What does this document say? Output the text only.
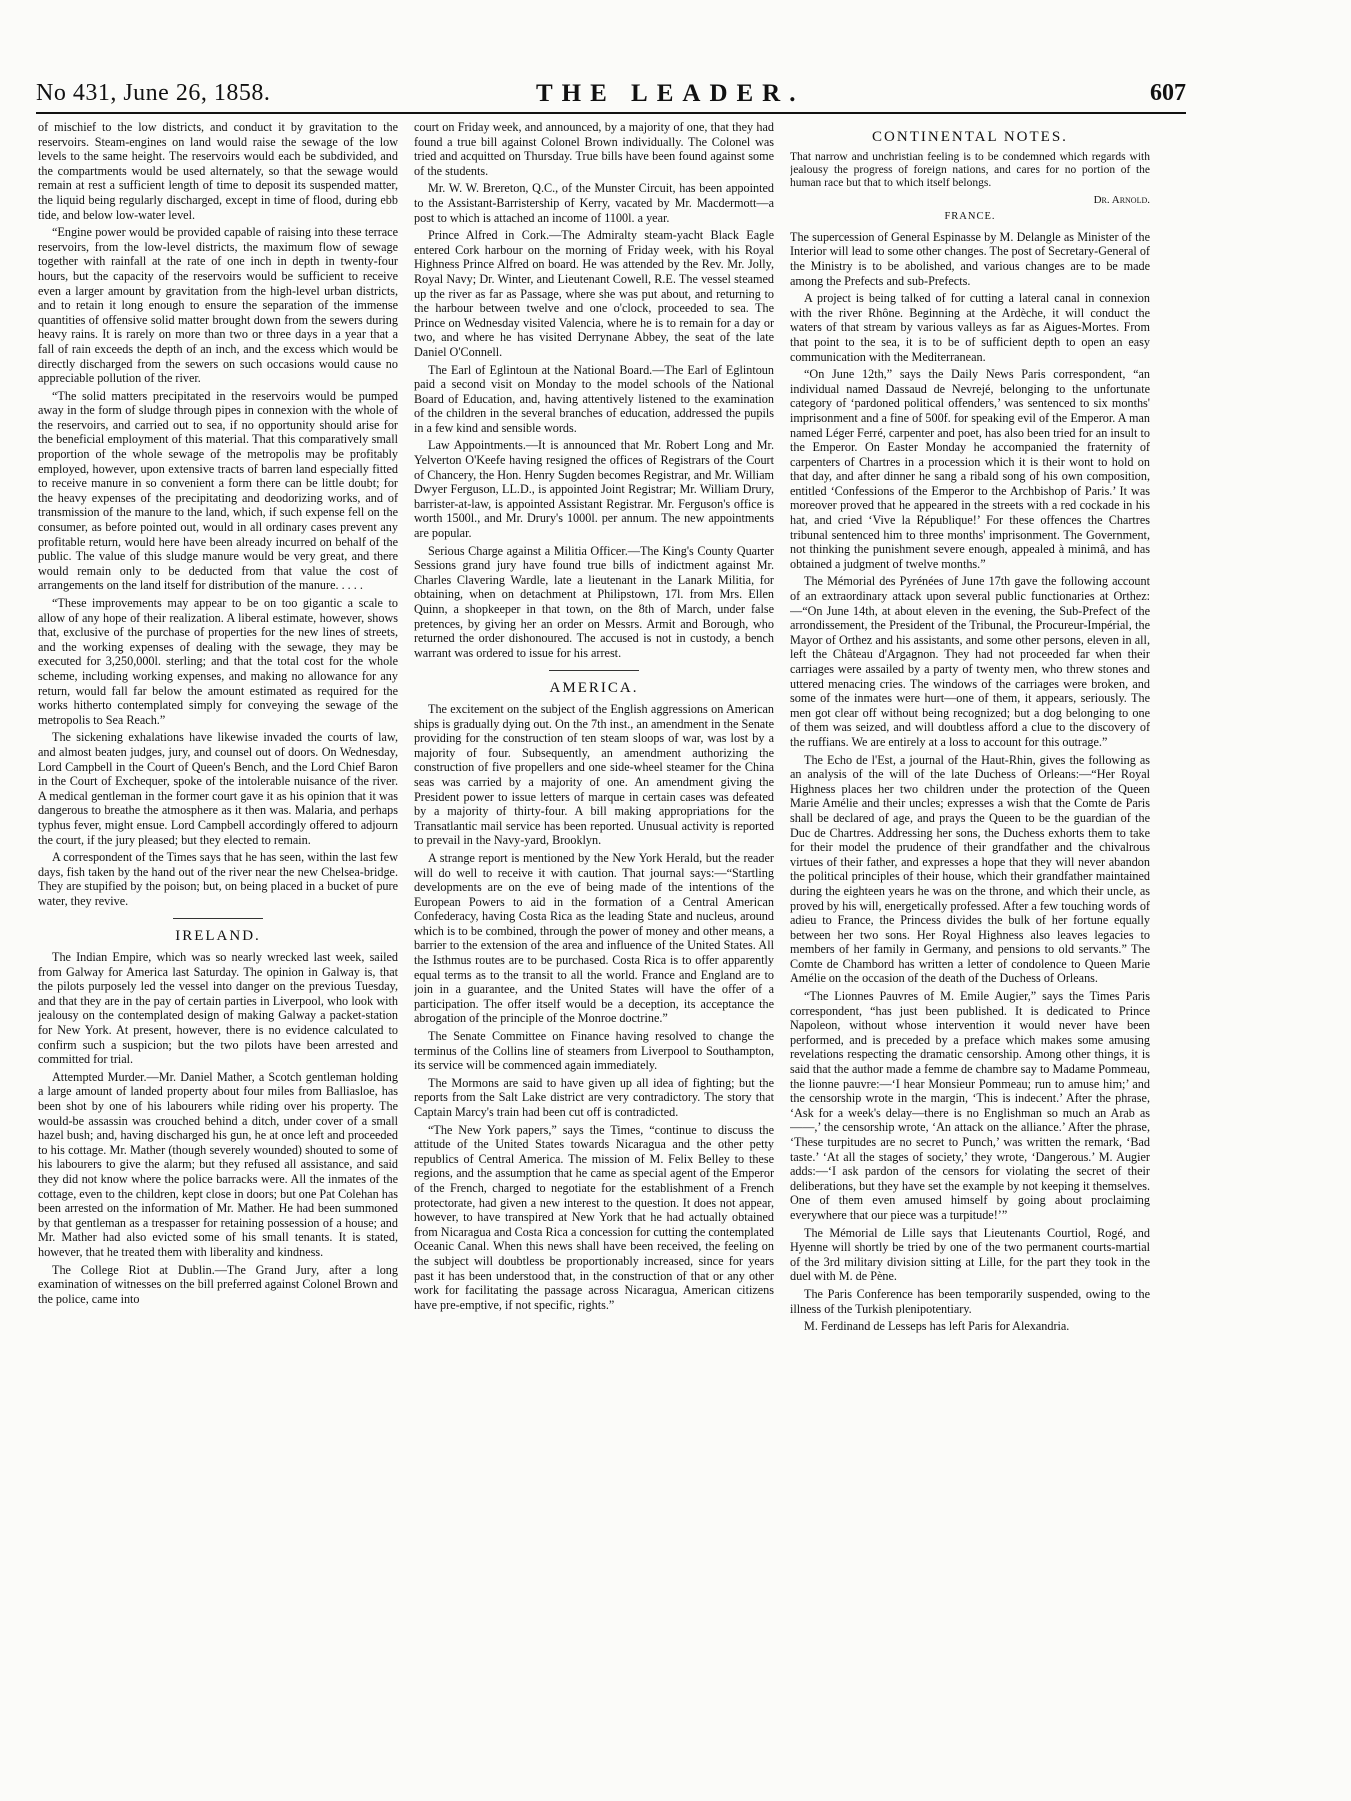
No 431, June 26, 1858.	THE LEADER.	607

of mischief to the low districts, and conduct it by gravitation to the reservoirs. Steam-engines on land would raise the sewage of the low levels to the same height. The reservoirs would each be subdivided, and the compartments would be used alternately, so that the sewage would remain at rest a sufficient length of time to deposit its suspended matter, the liquid being regularly discharged, except in time of flood, during ebb tide, and below low-water level.

“Engine power would be provided capable of raising into these terrace reservoirs, from the low-level districts, the maximum flow of sewage together with rainfall at the rate of one inch in depth in twenty-four hours, but the capacity of the reservoirs would be sufficient to receive even a larger amount by gravitation from the high-level urban districts, and to retain it long enough to ensure the separation of the immense quantities of offensive solid matter brought down from the sewers during heavy rains. It is rarely on more than two or three days in a year that a fall of rain exceeds the depth of an inch, and the excess which would be directly discharged from the sewers on such occasions would cause no appreciable pollution of the river.

“The solid matters precipitated in the reservoirs would be pumped away in the form of sludge through pipes in connexion with the whole of the reservoirs, and carried out to sea, if no opportunity should arise for the beneficial employment of this material. That this comparatively small proportion of the whole sewage of the metropolis may be profitably employed, however, upon extensive tracts of barren land especially fitted to receive manure in so convenient a form there can be little doubt; for the heavy expenses of the precipitating and deodorizing works, and of transmission of the manure to the land, which, if such expense fell on the consumer, as before pointed out, would in all ordinary cases prevent any profitable return, would here have been already incurred on behalf of the public. The value of this sludge manure would be very great, and there would remain only to be deducted from that value the cost of arrangements on the land itself for distribution of the manure. . . . .

“These improvements may appear to be on too gigantic a scale to allow of any hope of their realization. A liberal estimate, however, shows that, exclusive of the purchase of properties for the new lines of streets, and the working expenses of dealing with the sewage, they may be executed for 3,250,000l. sterling; and that the total cost for the whole scheme, including working expenses, and making no allowance for any return, would fall far below the amount estimated as required for the works hitherto contemplated simply for conveying the sewage of the metropolis to Sea Reach.”

The sickening exhalations have likewise invaded the courts of law, and almost beaten judges, jury, and counsel out of doors. On Wednesday, Lord Campbell in the Court of Queen's Bench, and the Lord Chief Baron in the Court of Exchequer, spoke of the intolerable nuisance of the river. A medical gentleman in the former court gave it as his opinion that it was dangerous to breathe the atmosphere as it then was. Malaria, and perhaps typhus fever, might ensue. Lord Campbell accordingly offered to adjourn the court, if the jury pleased; but they elected to remain.

A correspondent of the Times says that he has seen, within the last few days, fish taken by the hand out of the river near the new Chelsea-bridge. They are stupified by the poison; but, on being placed in a bucket of pure water, they revive.

IRELAND.

The Indian Empire, which was so nearly wrecked last week, sailed from Galway for America last Saturday. The opinion in Galway is, that the pilots purposely led the vessel into danger on the previous Tuesday, and that they are in the pay of certain parties in Liverpool, who look with jealousy on the contemplated design of making Galway a packet-station for New York. At present, however, there is no evidence calculated to confirm such a suspicion; but the two pilots have been arrested and committed for trial.

Attempted Murder.—Mr. Daniel Mather, a Scotch gentleman holding a large amount of landed property about four miles from Balliasloe, has been shot by one of his labourers while riding over his property. The would-be assassin was crouched behind a ditch, under cover of a small hazel bush; and, having discharged his gun, he at once left and proceeded to his cottage. Mr. Mather (though severely wounded) shouted to some of his labourers to give the alarm; but they refused all assistance, and said they did not know where the police barracks were. All the inmates of the cottage, even to the children, kept close in doors; but one Pat Colehan has been arrested on the information of Mr. Mather. He had been summoned by that gentleman as a trespasser for retaining possession of a house; and Mr. Mather had also evicted some of his small tenants. It is stated, however, that he treated them with liberality and kindness.

The College Riot at Dublin.—The Grand Jury, after a long examination of witnesses on the bill preferred against Colonel Brown and the police, came into

court on Friday week, and announced, by a majority of one, that they had found a true bill against Colonel Brown individually. The Colonel was tried and acquitted on Thursday. True bills have been found against some of the students.

Mr. W. W. Brereton, Q.C., of the Munster Circuit, has been appointed to the Assistant-Barristership of Kerry, vacated by Mr. Macdermott—a post to which is attached an income of 1100l. a year.

Prince Alfred in Cork.—The Admiralty steam-yacht Black Eagle entered Cork harbour on the morning of Friday week, with his Royal Highness Prince Alfred on board. He was attended by the Rev. Mr. Jolly, Royal Navy; Dr. Winter, and Lieutenant Cowell, R.E. The vessel steamed up the river as far as Passage, where she was put about, and returning to the harbour between twelve and one o'clock, proceeded to sea. The Prince on Wednesday visited Valencia, where he is to remain for a day or two, and where he has visited Derrynane Abbey, the seat of the late Daniel O'Connell.

The Earl of Eglintoun at the National Board.—The Earl of Eglintoun paid a second visit on Monday to the model schools of the National Board of Education, and, having attentively listened to the examination of the children in the several branches of education, addressed the pupils in a few kind and sensible words.

Law Appointments.—It is announced that Mr. Robert Long and Mr. Yelverton O'Keefe having resigned the offices of Registrars of the Court of Chancery, the Hon. Henry Sugden becomes Registrar, and Mr. William Dwyer Ferguson, LL.D., is appointed Joint Registrar; Mr. William Drury, barrister-at-law, is appointed Assistant Registrar. Mr. Ferguson's office is worth 1500l., and Mr. Drury's 1000l. per annum. The new appointments are popular.

Serious Charge against a Militia Officer.—The King's County Quarter Sessions grand jury have found true bills of indictment against Mr. Charles Clavering Wardle, late a lieutenant in the Lanark Militia, for obtaining, when on detachment at Philipstown, 17l. from Mrs. Ellen Quinn, a shopkeeper in that town, on the 8th of March, under false pretences, by giving her an order on Messrs. Armit and Borough, who returned the order dishonoured. The accused is not in custody, a bench warrant was ordered to issue for his arrest.

AMERICA.

The excitement on the subject of the English aggressions on American ships is gradually dying out. On the 7th inst., an amendment in the Senate providing for the construction of ten steam sloops of war, was lost by a majority of four. Subsequently, an amendment authorizing the construction of five propellers and one side-wheel steamer for the China seas was carried by a majority of one. An amendment giving the President power to issue letters of marque in certain cases was defeated by a majority of thirty-four. A bill making appropriations for the Transatlantic mail service has been reported. Unusual activity is reported to prevail in the Navy-yard, Brooklyn.

A strange report is mentioned by the New York Herald, but the reader will do well to receive it with caution. That journal says:—“Startling developments are on the eve of being made of the intentions of the European Powers to aid in the formation of a Central American Confederacy, having Costa Rica as the leading State and nucleus, around which is to be combined, through the power of money and other means, a barrier to the extension of the area and influence of the United States. All the Isthmus routes are to be purchased. Costa Rica is to offer apparently equal terms as to the transit to all the world. France and England are to join in a guarantee, and the United States will have the offer of a participation. The offer itself would be a deception, its acceptance the abrogation of the principle of the Monroe doctrine.”

The Senate Committee on Finance having resolved to change the terminus of the Collins line of steamers from Liverpool to Southampton, its service will be commenced again immediately.

The Mormons are said to have given up all idea of fighting; but the reports from the Salt Lake district are very contradictory. The story that Captain Marcy's train had been cut off is contradicted.

“The New York papers,” says the Times, “continue to discuss the attitude of the United States towards Nicaragua and the other petty republics of Central America. The mission of M. Felix Belley to these regions, and the assumption that he came as special agent of the Emperor of the French, charged to negotiate for the establishment of a French protectorate, had given a new interest to the question. It does not appear, however, to have transpired at New York that he had actually obtained from Nicaragua and Costa Rica a concession for cutting the contemplated Oceanic Canal. When this news shall have been received, the feeling on the subject will doubtless be proportionably increased, since for years past it has been understood that, in the construction of that or any other work for facilitating the passage across Nicaragua, American citizens have pre-emptive, if not specific, rights.”

CONTINENTAL NOTES.

That narrow and unchristian feeling is to be condemned which regards with jealousy the progress of foreign nations, and cares for no portion of the human race but that to which itself belongs.

Dr. Arnold.

FRANCE.

The supercession of General Espinasse by M. Delangle as Minister of the Interior will lead to some other changes. The post of Secretary-General of the Ministry is to be abolished, and various changes are to be made among the Prefects and sub-Prefects.

A project is being talked of for cutting a lateral canal in connexion with the river Rhône. Beginning at the Ardèche, it will conduct the waters of that stream by various valleys as far as Aigues-Mortes. From that point to the sea, it is to be of sufficient depth to open an easy communication with the Mediterranean.

“On June 12th,” says the Daily News Paris correspondent, “an individual named Dassaud de Nevrejé, belonging to the unfortunate category of ‘pardoned political offenders,’ was sentenced to six months' imprisonment and a fine of 500f. for speaking evil of the Emperor. A man named Léger Ferré, carpenter and poet, has also been tried for an insult to the Emperor. On Easter Monday he accompanied the fraternity of carpenters of Chartres in a procession which it is their wont to hold on that day, and after dinner he sang a ribald song of his own composition, entitled ‘Confessions of the Emperor to the Archbishop of Paris.’ It was moreover proved that he appeared in the streets with a red cockade in his hat, and cried ‘Vive la République!’ For these offences the Chartres tribunal sentenced him to three months' imprisonment. The Government, not thinking the punishment severe enough, appealed à minimâ, and has obtained a judgment of twelve months.”

The Mémorial des Pyrénées of June 17th gave the following account of an extraordinary attack upon several public functionaries at Orthez:—“On June 14th, at about eleven in the evening, the Sub-Prefect of the arrondissement, the President of the Tribunal, the Procureur-Impérial, the Mayor of Orthez and his assistants, and some other persons, eleven in all, left the Château d'Argagnon. They had not proceeded far when their carriages were assailed by a party of twenty men, who threw stones and uttered menacing cries. The windows of the carriages were broken, and some of the inmates were hurt—one of them, it appears, seriously. The men got clear off without being recognized; but a dog belonging to one of them was seized, and will doubtless afford a clue to the discovery of the ruffians. We are entirely at a loss to account for this outrage.”

The Echo de l'Est, a journal of the Haut-Rhin, gives the following as an analysis of the will of the late Duchess of Orleans:—“Her Royal Highness places her two children under the protection of the Queen Marie Amélie and their uncles; expresses a wish that the Comte de Paris shall be declared of age, and prays the Queen to be the guardian of the Duc de Chartres. Addressing her sons, the Duchess exhorts them to take for their model the prudence of their grandfather and the chivalrous virtues of their father, and expresses a hope that they will never abandon the political principles of their house, which their grandfather maintained during the eighteen years he was on the throne, and which their uncle, as proved by his will, energetically professed. After a few touching words of adieu to France, the Princess divides the bulk of her fortune equally between her two sons. Her Royal Highness also leaves legacies to members of her family in Germany, and pensions to old servants.” The Comte de Chambord has written a letter of condolence to Queen Marie Amélie on the occasion of the death of the Duchess of Orleans.

“The Lionnes Pauvres of M. Emile Augier,” says the Times Paris correspondent, “has just been published. It is dedicated to Prince Napoleon, without whose intervention it would never have been performed, and is preceded by a preface which makes some amusing revelations respecting the dramatic censorship. Among other things, it is said that the author made a femme de chambre say to Madame Pommeau, the lionne pauvre:—‘I hear Monsieur Pommeau; run to amuse him;’ and the censorship wrote in the margin, ‘This is indecent.’ After the phrase, ‘Ask for a week's delay—there is no Englishman so much an Arab as——,’ the censorship wrote, ‘An attack on the alliance.’ After the phrase, ‘These turpitudes are no secret to Punch,’ was written the remark, ‘Bad taste.’ ‘At all the stages of society,’ they wrote, ‘Dangerous.’ M. Augier adds:—‘I ask pardon of the censors for violating the secret of their deliberations, but they have set the example by not keeping it themselves. One of them even amused himself by going about proclaiming everywhere that our piece was a turpitude!’”

The Mémorial de Lille says that Lieutenants Courtiol, Rogé, and Hyenne will shortly be tried by one of the two permanent courts-martial of the 3rd military division sitting at Lille, for the part they took in the duel with M. de Pène.

The Paris Conference has been temporarily suspended, owing to the illness of the Turkish plenipotentiary.

M. Ferdinand de Lesseps has left Paris for Alexandria.
